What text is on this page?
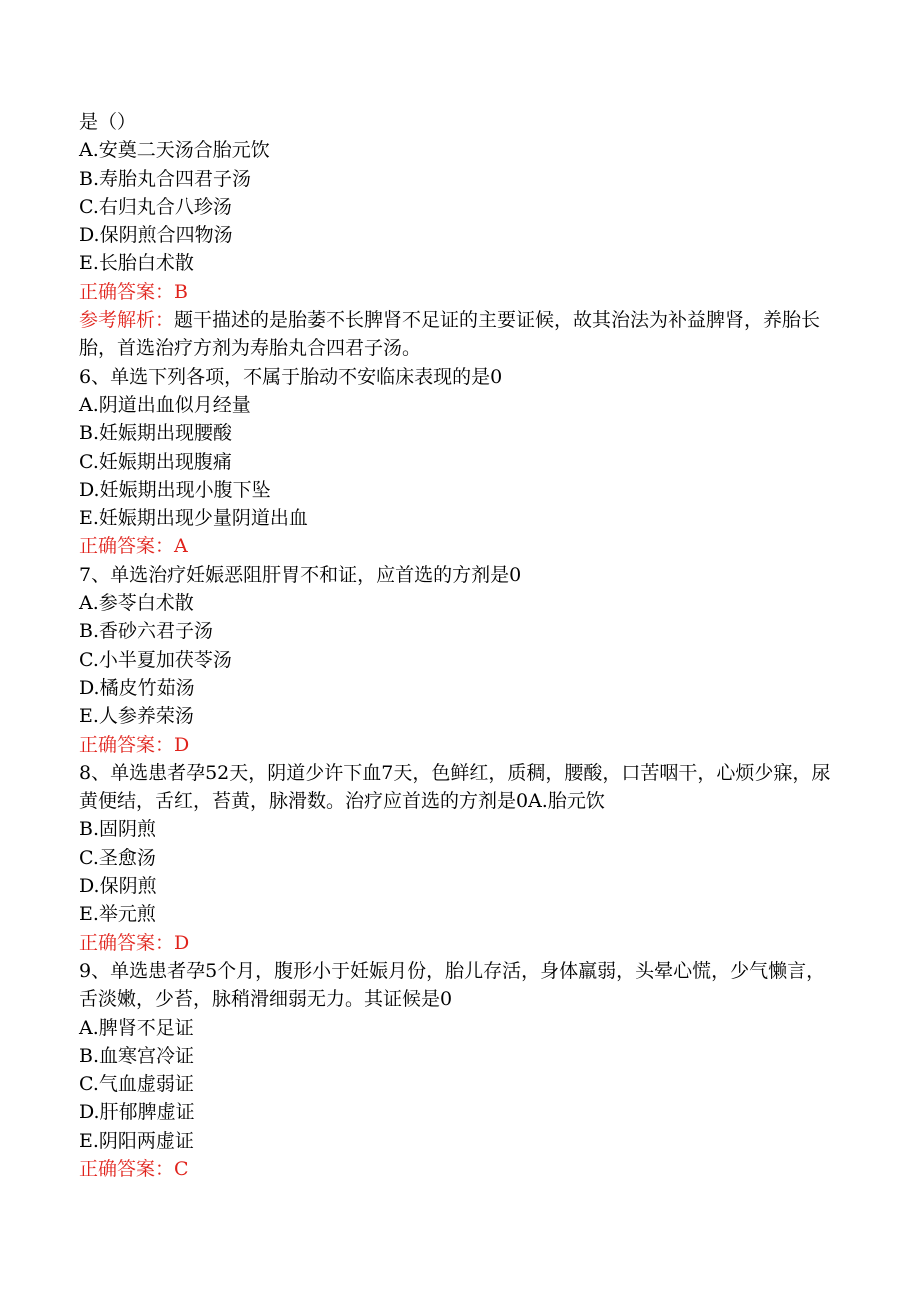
是（）
A.安奠二天汤合胎元饮
B.寿胎丸合四君子汤
C.右归丸合八珍汤
D.保阴煎合四物汤
E.长胎白术散
正确答案：B
参考解析：题干描述的是胎萎不长脾肾不足证的主要证候，故其治法为补益脾肾，养胎长胎，首选治疗方剂为寿胎丸合四君子汤。
6、单选下列各项，不属于胎动不安临床表现的是0
A.阴道出血似月经量
B.妊娠期出现腰酸
C.妊娠期出现腹痛
D.妊娠期出现小腹下坠
E.妊娠期出现少量阴道出血
正确答案：A
7、单选治疗妊娠恶阻肝胃不和证，应首选的方剂是0
A.参苓白术散
B.香砂六君子汤
C.小半夏加茯苓汤
D.橘皮竹茹汤
E.人参养荣汤
正确答案：D
8、单选患者孕52天，阴道少许下血7天，色鲜红，质稠，腰酸，口苦咽干，心烦少寐，尿黄便结，舌红，苔黄，脉滑数。治疗应首选的方剂是0A.胎元饮
B.固阴煎
C.圣愈汤
D.保阴煎
E.举元煎
正确答案：D
9、单选患者孕5个月，腹形小于妊娠月份，胎儿存活，身体羸弱，头晕心慌，少气懒言，舌淡嫩，少苔，脉稍滑细弱无力。其证候是0
A.脾肾不足证
B.血寒宫冷证
C.气血虚弱证
D.肝郁脾虚证
E.阴阳两虚证
正确答案：C
